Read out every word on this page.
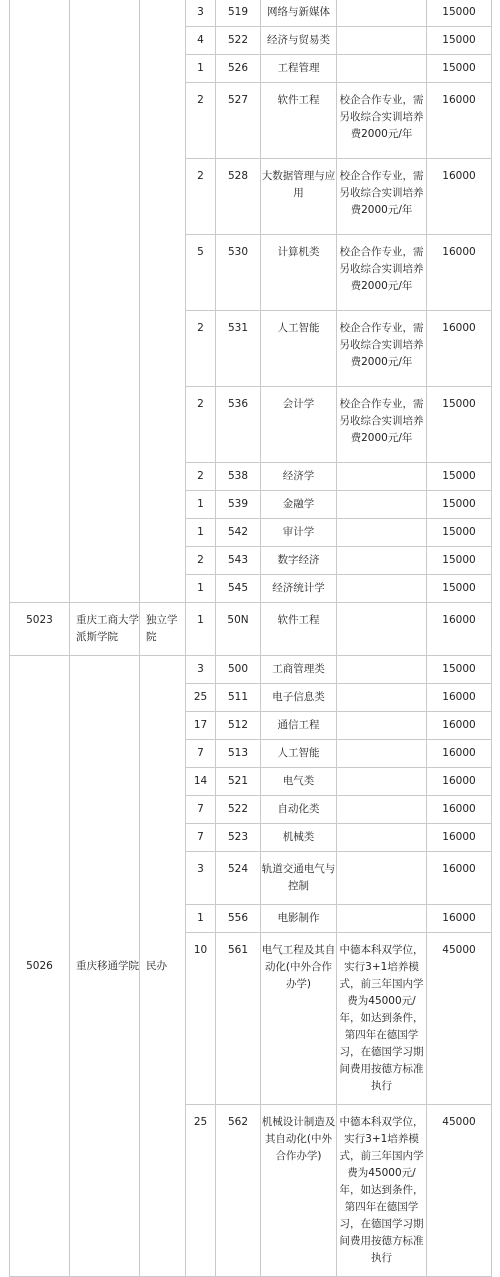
			3	519	网络与新媒体		15000
			4	522	经济与贸易类		15000
			1	526	工程管理		15000
			2	527	软件工程	校企合作专业，需另收综合实训培养费2000元/年	16000
			2	528	大数据管理与应用	校企合作专业，需另收综合实训培养费2000元/年	16000
			5	530	计算机类	校企合作专业，需另收综合实训培养费2000元/年	16000
			2	531	人工智能	校企合作专业，需另收综合实训培养费2000元/年	16000
			2	536	会计学	校企合作专业，需另收综合实训培养费2000元/年	15000
			2	538	经济学		15000
			1	539	金融学		15000
			1	542	审计学		15000
			2	543	数字经济		15000
			1	545	经济统计学		15000
5023	重庆工商大学派斯学院	独立学院	1	50N	软件工程		16000
5026	重庆移通学院	民办	3	500	工商管理类		15000
			25	511	电子信息类		16000
			17	512	通信工程		16000
			7	513	人工智能		16000
			14	521	电气类		16000
			7	522	自动化类		16000
			7	523	机械类		16000
			3	524	轨道交通电气与控制		16000
			1	556	电影制作		16000
			10	561	电气工程及其自动化(中外合作办学)	中德本科双学位，实行3+1培养模式，前三年国内学费为45000元/年，如达到条件，第四年在德国学习，在德国学习期间费用按德方标准执行	45000
			25	562	机械设计制造及其自动化(中外合作办学)	中德本科双学位，实行3+1培养模式，前三年国内学费为45000元/年，如达到条件，第四年在德国学习，在德国学习期间费用按德方标准执行	45000
